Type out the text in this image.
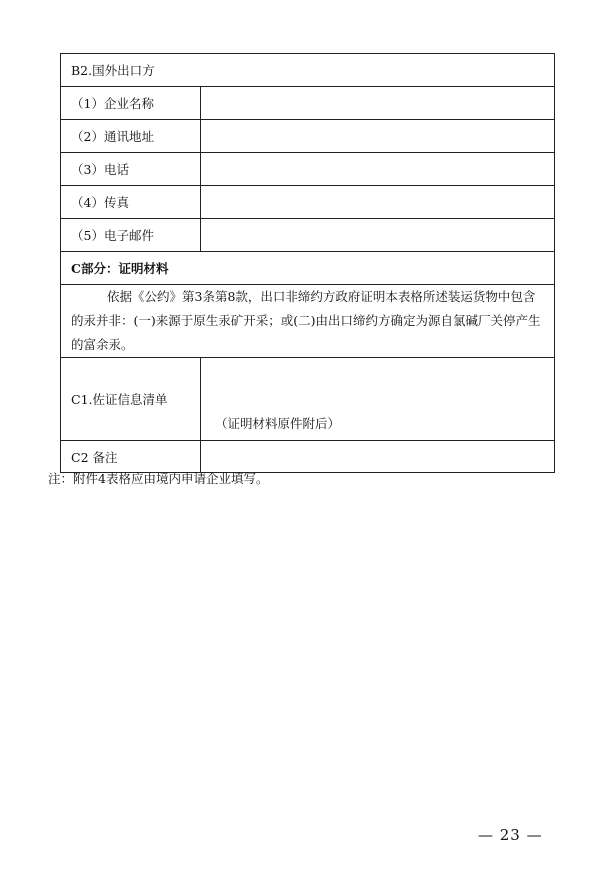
B2.国外出口方	
（1）企业名称	
（2）通讯地址	
（3）电话	
（4）传真	
（5）电子邮件	
C部分：证明材料	

依据《公约》第3条第8款，出口非缔约方政府证明本表格所述装运货物中包含的汞并非：(一)来源于原生汞矿开采；或(二)由出口缔约方确定为源自氯碱厂关停产生的富余汞。	

C1.佐证信息清单	（证明材料原件附后）

C2 备注	
注：附件4表格应由境内申请企业填写。
— 23 —
